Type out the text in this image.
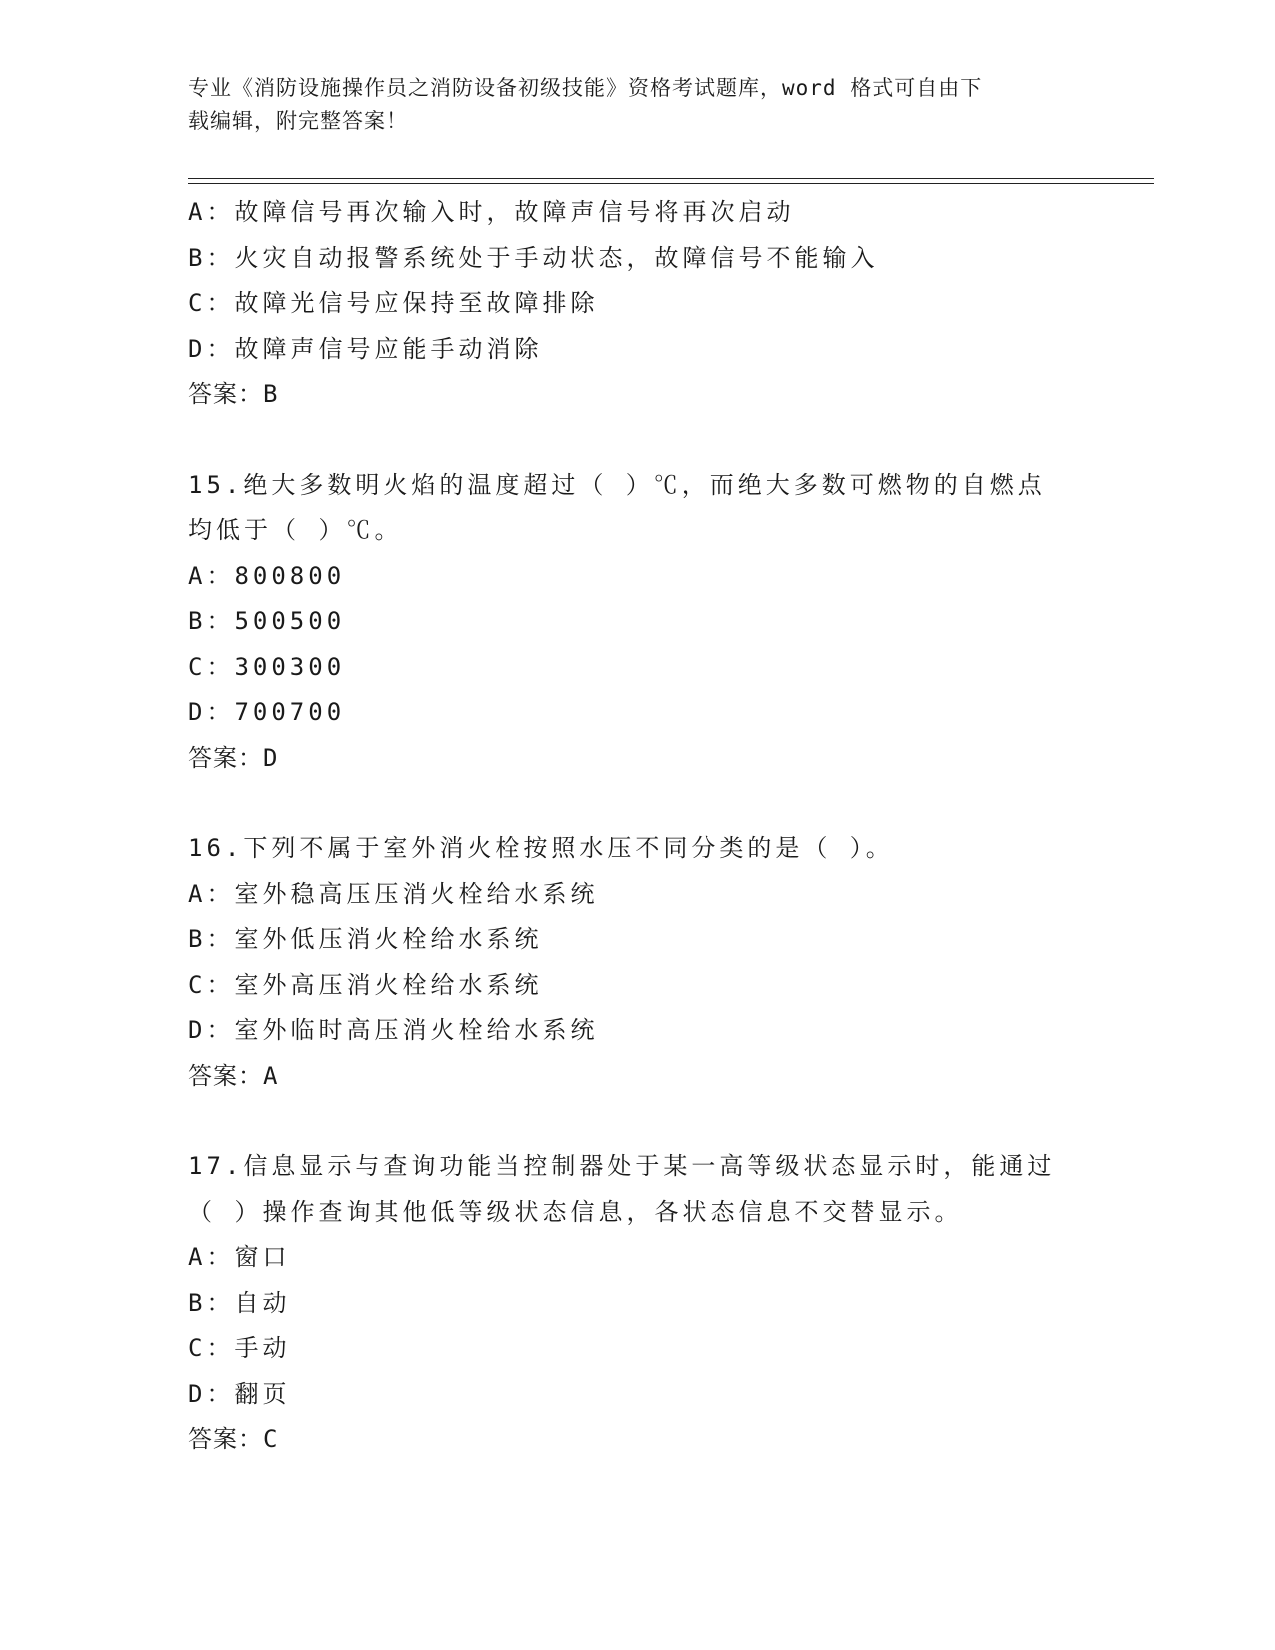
专业《消防设施操作员之消防设备初级技能》资格考试题库，word 格式可自由下
载编辑，附完整答案！
A：故障信号再次输入时，故障声信号将再次启动
B：火灾自动报警系统处于手动状态，故障信号不能输入
C：故障光信号应保持至故障排除
D：故障声信号应能手动消除
答案：B
15.绝大多数明火焰的温度超过（ ）℃，而绝大多数可燃物的自燃点
均低于（ ）℃。
A：800800
B：500500
C：300300
D：700700
答案：D
16.下列不属于室外消火栓按照水压不同分类的是（ ）。
A：室外稳高压压消火栓给水系统
B：室外低压消火栓给水系统
C：室外高压消火栓给水系统
D：室外临时高压消火栓给水系统
答案：A
17.信息显示与查询功能当控制器处于某一高等级状态显示时，能通过
（ ）操作查询其他低等级状态信息，各状态信息不交替显示。
A：窗口
B：自动
C：手动
D：翻页
答案：C
